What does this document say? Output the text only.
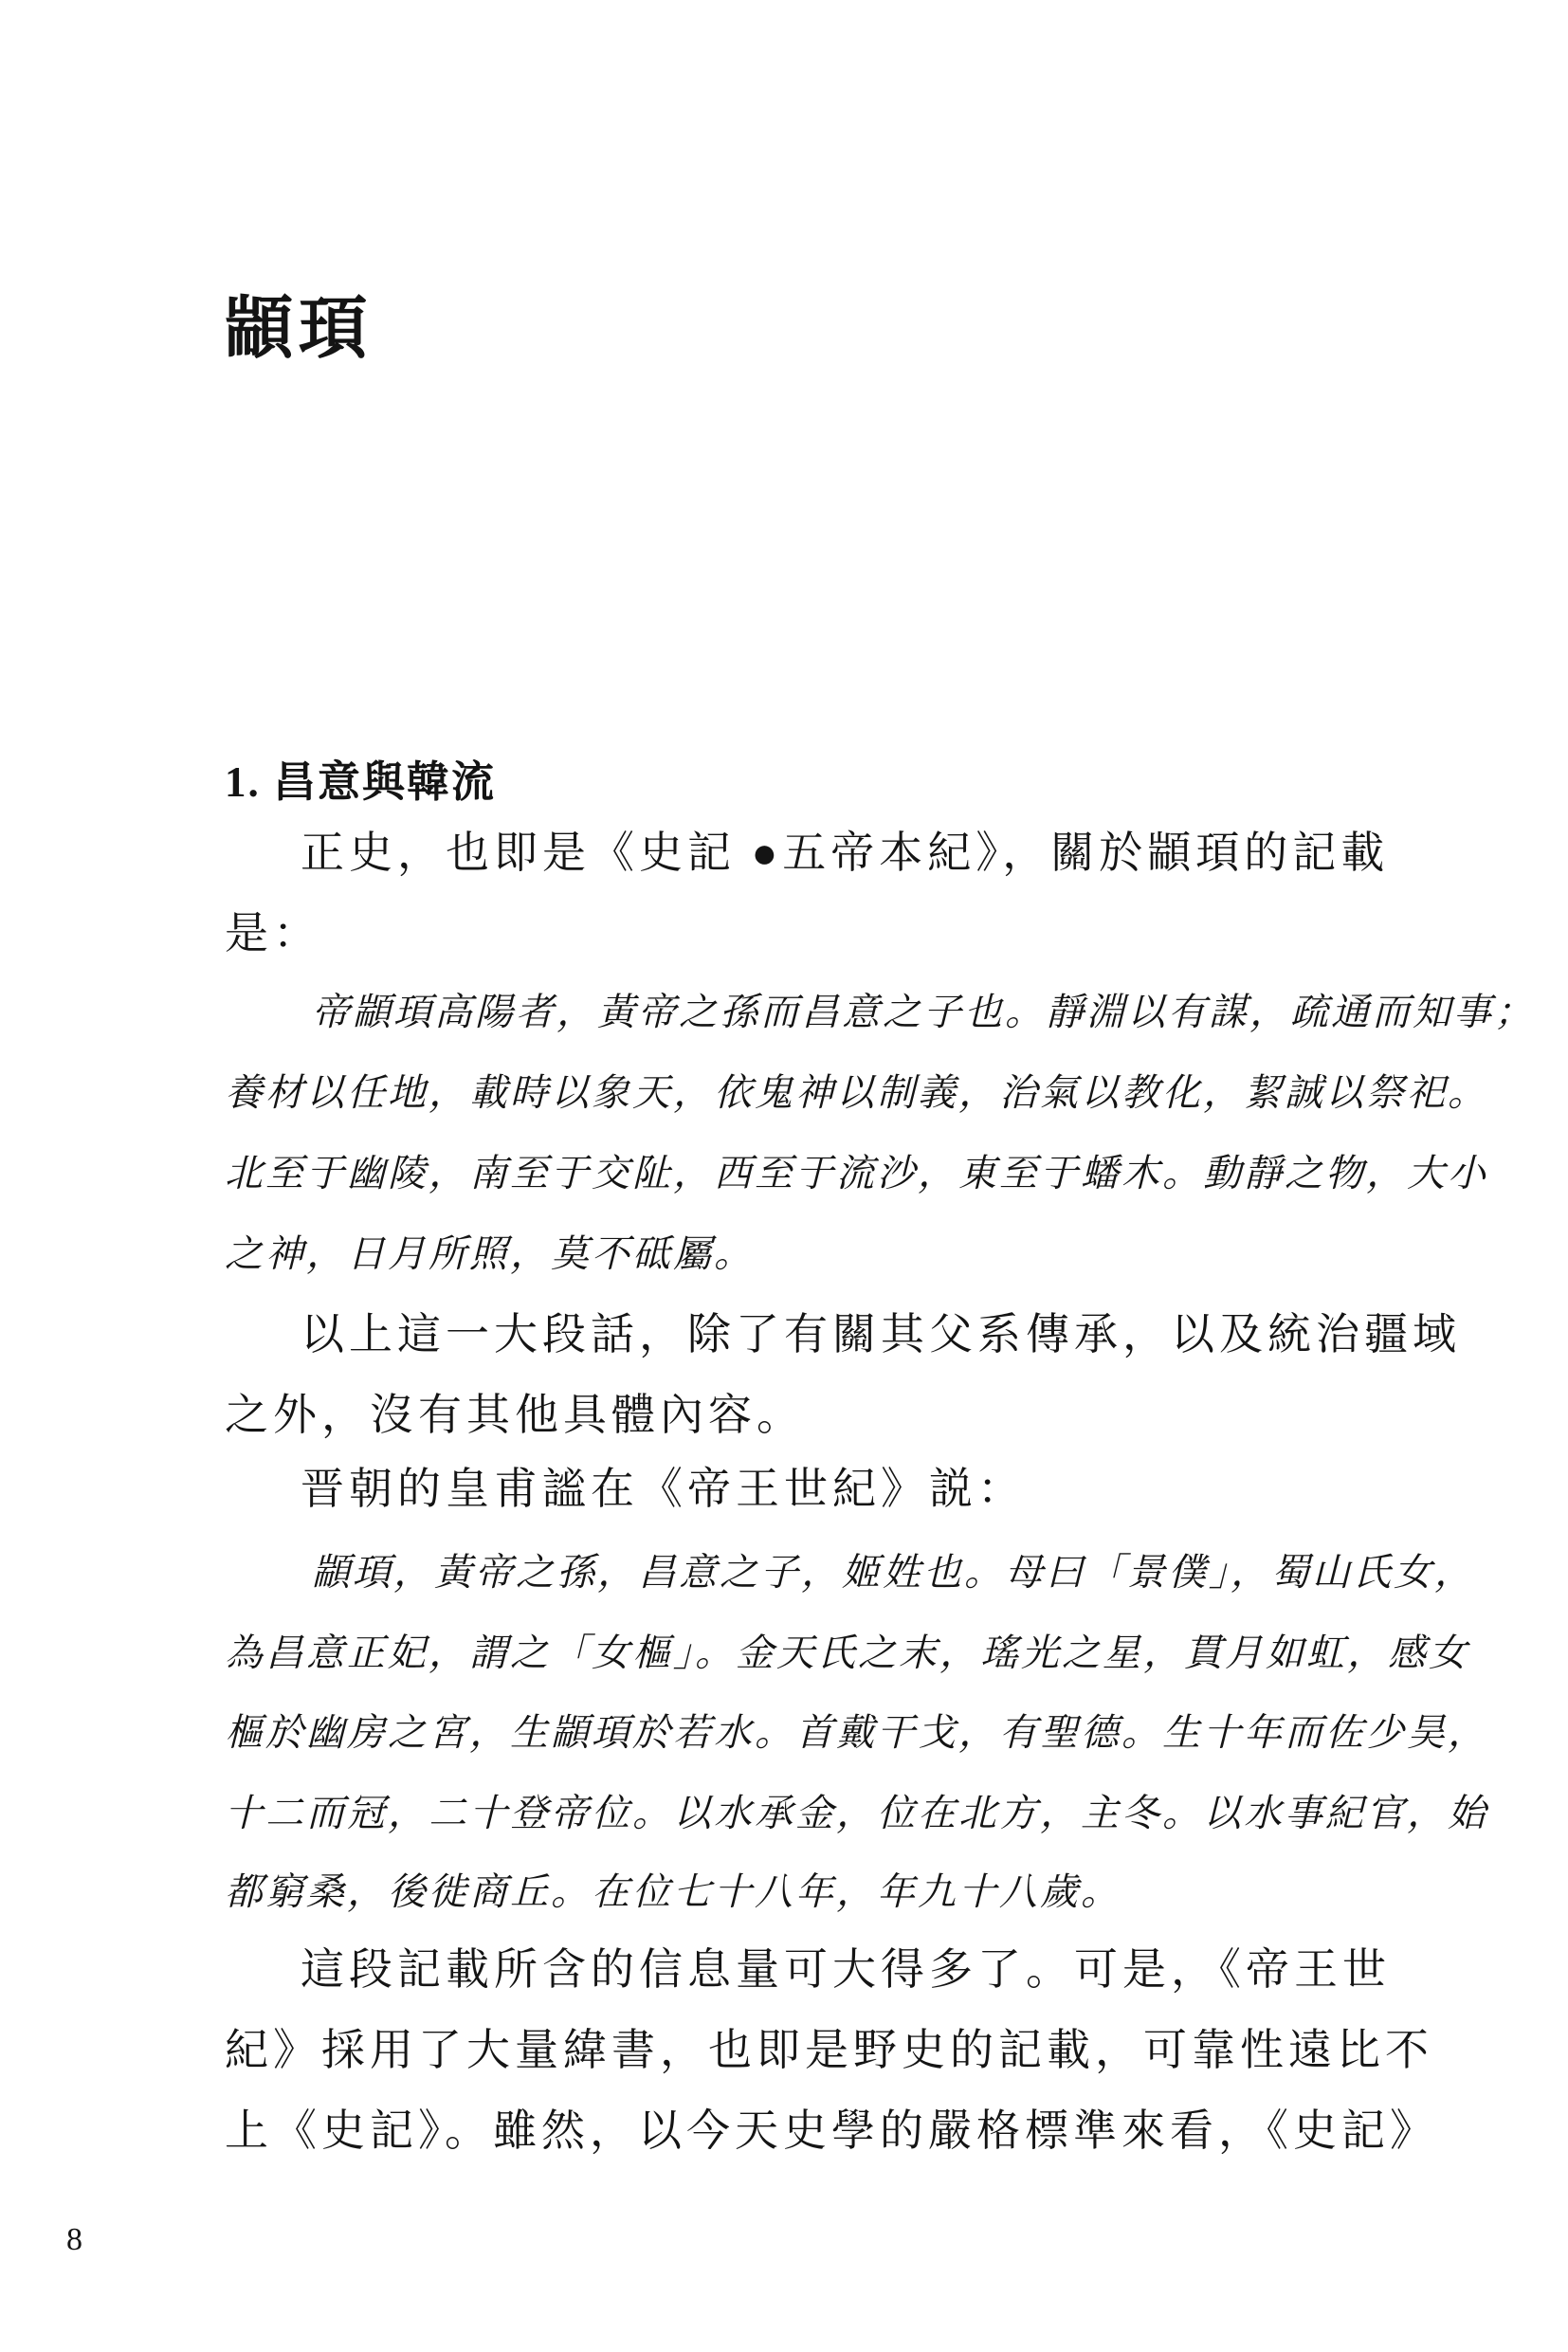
顓頊
1. 昌意與韓流
正史，也即是《史記 ●五帝本紀》，關於顓頊的記載
是：
帝顓頊高陽者，黃帝之孫而昌意之子也。靜淵以有謀，疏通而知事；
養材以任地，載時以象天，依鬼神以制義，治氣以教化，絜誠以祭祀。
北至于幽陵，南至于交阯，西至于流沙，東至于蟠木。動靜之物，大小
之神，日月所照，莫不砥屬。
以上這一大段話，除了有關其父系傳承，以及統治疆域
之外，沒有其他具體內容。
晋朝的皇甫謐在《帝王世紀》説：
顓頊，黃帝之孫，昌意之子，姬姓也。母曰「景僕」，蜀山氏女，
為昌意正妃，謂之「女樞」。金天氏之末，瑤光之星，貫月如虹，感女
樞於幽房之宮，生顓頊於若水。首戴干戈，有聖德。生十年而佐少昊，
十二而冠，二十登帝位。以水承金，位在北方，主冬。以水事紀官，始
都窮桑，後徙商丘。在位七十八年，年九十八歲。
這段記載所含的信息量可大得多了。可是，《帝王世
紀》採用了大量緯書，也即是野史的記載，可靠性遠比不
上《史記》。雖然，以今天史學的嚴格標準來看，《史記》
8
